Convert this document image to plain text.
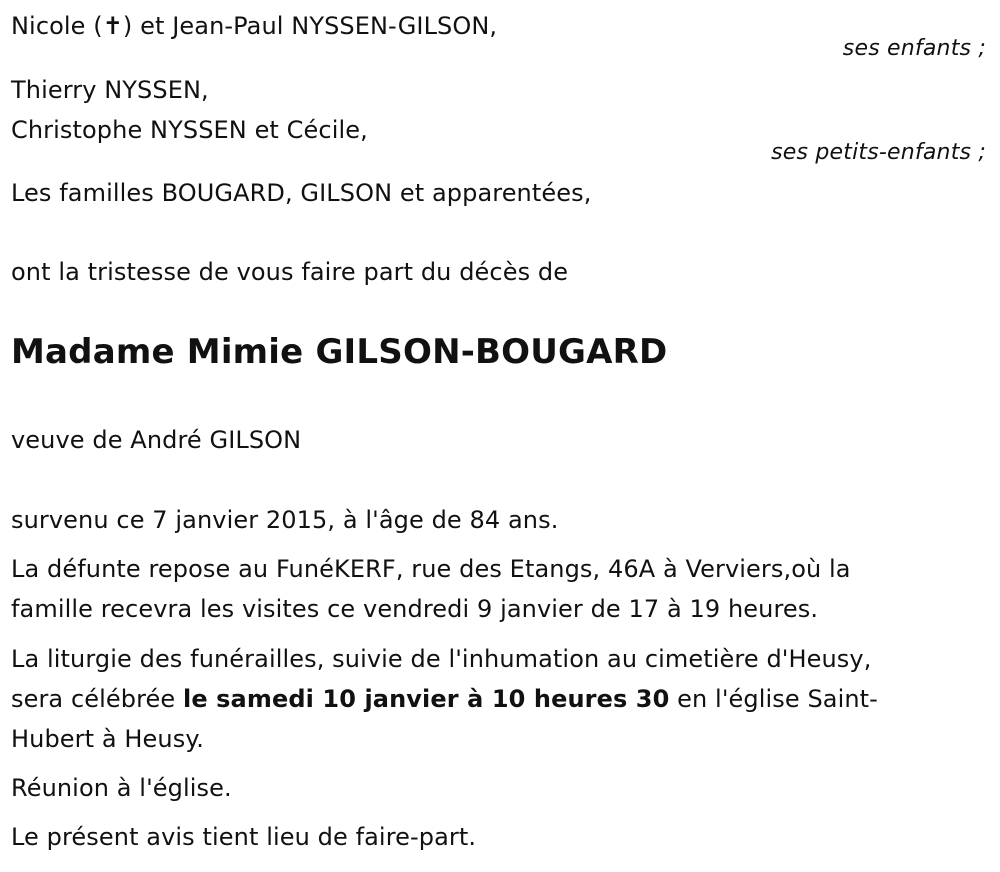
Nicole (✝) et Jean-Paul NYSSEN-GILSON,
ses enfants ;
Thierry NYSSEN,
Christophe NYSSEN et Cécile,
ses petits-enfants ;
Les familles BOUGARD, GILSON et apparentées,
ont la tristesse de vous faire part du décès de
Madame Mimie GILSON-BOUGARD
veuve de André GILSON
survenu ce 7 janvier 2015, à l'âge de 84 ans.
La défunte repose au FunéKERF, rue des Etangs, 46A à Verviers,où la
famille recevra les visites ce vendredi 9 janvier de 17 à 19 heures.
La liturgie des funérailles, suivie de l'inhumation au cimetière d'Heusy,
sera célébrée le samedi 10 janvier à 10 heures 30 en l'église Saint-
Hubert à Heusy.
Réunion à l'église.
Le présent avis tient lieu de faire-part.
